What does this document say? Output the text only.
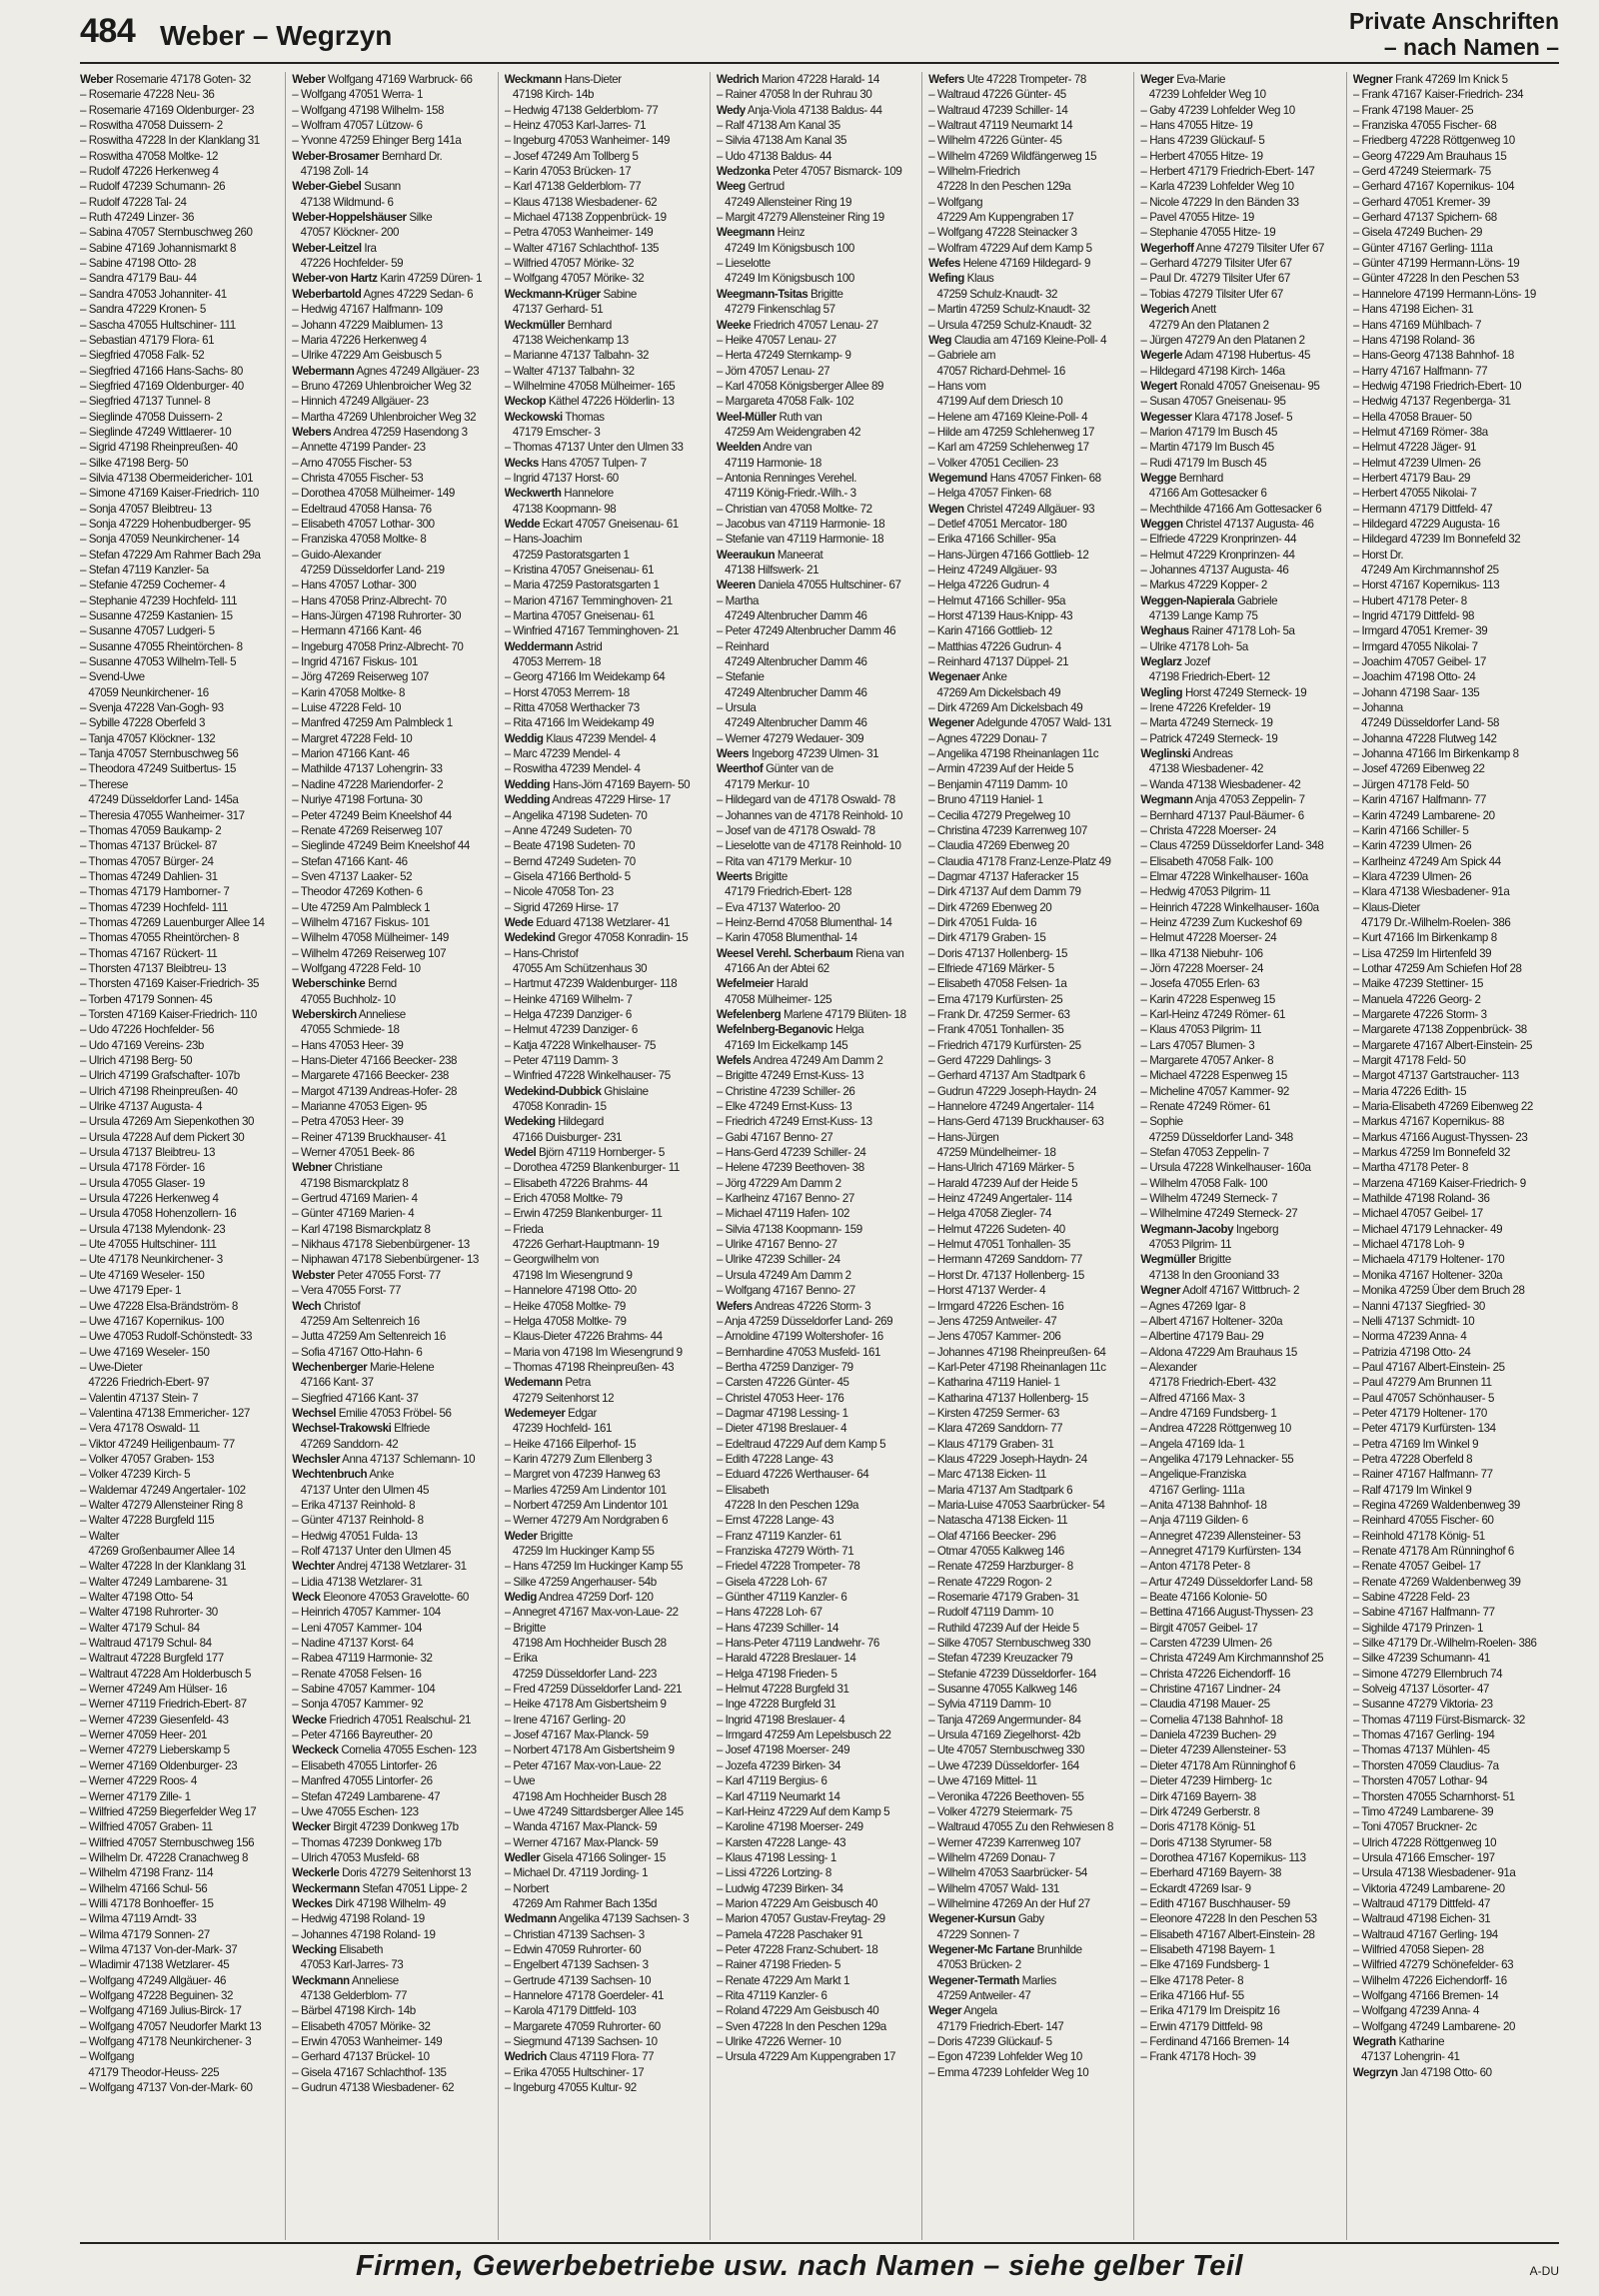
484 Weber – Wegrzyn	Private Anschriften
– nach Namen –
Weber Rosemarie 47178 Goten- 32
– Rosemarie 47228 Neu- 36
– Rosemarie 47169 Oldenburger- 23
– Roswitha 47058 Duissern- 2
– Roswitha 47228 In der Klanklang 31
– Roswitha 47058 Moltke- 12
– Rudolf 47226 Herkenweg 4
– Rudolf 47239 Schumann- 26
– Rudolf 47228 Tal- 24
– Ruth 47249 Linzer- 36
– Sabina 47057 Sternbuschweg 260
– Sabine 47169 Johannismarkt 8
– Sabine 47198 Otto- 28
– Sandra 47179 Bau- 44
– Sandra 47053 Johanniter- 41
– Sandra 47229 Kronen- 5
– Sascha 47055 Hultschiner- 111
– Sebastian 47179 Flora- 61
– Siegfried 47058 Falk- 52
– Siegfried 47166 Hans-Sachs- 80
– Siegfried 47169 Oldenburger- 40
– Siegfried 47137 Tunnel- 8
– Sieglinde 47058 Duissern- 2
– Sieglinde 47249 Wittlaerer- 10
– Sigrid 47198 Rheinpreußen- 40
– Silke 47198 Berg- 50
– Silvia 47138 Obermeidericher- 101
– Simone 47169 Kaiser-Friedrich- 110
– Sonja 47057 Bleibtreu- 13
– Sonja 47229 Hohenbudberger- 95
– Sonja 47059 Neunkirchener- 14
– Stefan 47229 Am Rahmer Bach 29a
– Stefan 47119 Kanzler- 5a
– Stefanie 47259 Cochemer- 4
– Stephanie 47239 Hochfeld- 111
– Susanne 47259 Kastanien- 15
– Susanne 47057 Ludgeri- 5
– Susanne 47055 Rheintörchen- 8
– Susanne 47053 Wilhelm-Tell- 5
– Svend-Uwe
47059 Neunkirchener- 16
– Svenja 47228 Van-Gogh- 93
– Sybille 47228 Oberfeld 3
– Tanja 47057 Klöckner- 132
– Tanja 47057 Sternbuschweg 56
– Theodora 47249 Suitbertus- 15
– Therese
47249 Düsseldorfer Land- 145a
– Theresia 47055 Wanheimer- 317
– Thomas 47059 Baukamp- 2
– Thomas 47137 Brückel- 87
– Thomas 47057 Bürger- 24
– Thomas 47249 Dahlien- 31
– Thomas 47179 Hamborner- 7
– Thomas 47239 Hochfeld- 111
– Thomas 47269 Lauenburger Allee 14
– Thomas 47055 Rheintörchen- 8
– Thomas 47167 Rückert- 11
– Thorsten 47137 Bleibtreu- 13
– Thorsten 47169 Kaiser-Friedrich- 35
– Torben 47179 Sonnen- 45
– Torsten 47169 Kaiser-Friedrich- 110
– Udo 47226 Hochfelder- 56
– Udo 47169 Vereins- 23b
– Ulrich 47198 Berg- 50
– Ulrich 47199 Grafschafter- 107b
– Ulrich 47198 Rheinpreußen- 40
– Ulrike 47137 Augusta- 4
– Ursula 47269 Am Siepenkothen 30
– Ursula 47228 Auf dem Pickert 30
– Ursula 47137 Bleibtreu- 13
– Ursula 47178 Förder- 16
– Ursula 47055 Glaser- 19
– Ursula 47226 Herkenweg 4
– Ursula 47058 Hohenzollern- 16
– Ursula 47138 Mylendonk- 23
– Ute 47055 Hultschiner- 111
– Ute 47178 Neunkirchener- 3
– Ute 47169 Weseler- 150
– Uwe 47179 Eper- 1
– Uwe 47228 Elsa-Brändström- 8
– Uwe 47167 Kopernikus- 100
– Uwe 47053 Rudolf-Schönstedt- 33
– Uwe 47169 Weseler- 150
– Uwe-Dieter
47226 Friedrich-Ebert- 97
– Valentin 47137 Stein- 7
– Valentina 47138 Emmericher- 127
– Vera 47178 Oswald- 11
– Viktor 47249 Heiligenbaum- 77
– Volker 47057 Graben- 153
– Volker 47239 Kirch- 5
– Waldemar 47249 Angertaler- 102
– Walter 47279 Allensteiner Ring 8
– Walter 47228 Burgfeld 115
– Walter
47269 Großenbaumer Allee 14
– Walter 47228 In der Klanklang 31
– Walter 47249 Lambarene- 31
– Walter 47198 Otto- 54
– Walter 47198 Ruhrorter- 30
– Walter 47179 Schul- 84
– Waltraud 47179 Schul- 84
– Waltraut 47228 Burgfeld 177
– Waltraut 47228 Am Holderbusch 5
– Werner 47249 Am Hülser- 16
– Werner 47119 Friedrich-Ebert- 87
– Werner 47239 Giesenfeld- 43
– Werner 47059 Heer- 201
– Werner 47279 Lieberskamp 5
– Werner 47169 Oldenburger- 23
– Werner 47229 Roos- 4
– Werner 47179 Zille- 1
– Wilfried 47259 Biegerfelder Weg 17
– Wilfried 47057 Graben- 11
– Wilfried 47057 Sternbuschweg 156
– Wilhelm Dr. 47228 Cranachweg 8
– Wilhelm 47198 Franz- 114
– Wilhelm 47166 Schul- 56
– Willi 47178 Bonhoeffer- 15
– Wilma 47119 Arndt- 33
– Wilma 47179 Sonnen- 27
– Wilma 47137 Von-der-Mark- 37
– Wladimir 47138 Wetzlarer- 45
– Wolfgang 47249 Allgäuer- 46
– Wolfgang 47228 Beguinen- 32
– Wolfgang 47169 Julius-Birck- 17
– Wolfgang 47057 Neudorfer Markt 13
– Wolfgang 47178 Neunkirchener- 3
– Wolfgang
47179 Theodor-Heuss- 225
– Wolfgang 47137 Von-der-Mark- 60
Weber Wolfgang 47169 Warbruck- 66
– Wolfgang 47051 Werra- 1
– Wolfgang 47198 Wilhelm- 158
– Wolfram 47057 Lützow- 6
– Yvonne 47259 Ehinger Berg 141a
Weber-Brosamer Bernhard Dr.
47198 Zoll- 14
Weber-Giebel Susann
47138 Wildmund- 6
Weber-Hoppelshäuser Silke
47057 Klöckner- 200
Weber-Leitzel Ira
47226 Hochfelder- 59
Weber-von Hartz Karin 47259 Düren- 1
Weberbartold Agnes 47229 Sedan- 6
– Hedwig 47167 Halfmann- 109
– Johann 47229 Maiblumen- 13
– Maria 47226 Herkenweg 4
– Ulrike 47229 Am Geisbusch 5
Webermann Agnes 47249 Allgäuer- 23
– Bruno 47269 Uhlenbroicher Weg 32
– Hinnich 47249 Allgäuer- 23
– Martha 47269 Uhlenbroicher Weg 32
Webers Andrea 47259 Hasendong 3
– Annette 47199 Pander- 23
– Arno 47055 Fischer- 53
– Christa 47055 Fischer- 53
– Dorothea 47058 Mülheimer- 149
– Edeltraud 47058 Hansa- 76
– Elisabeth 47057 Lothar- 300
– Franziska 47058 Moltke- 8
– Guido-Alexander
47259 Düsseldorfer Land- 219
– Hans 47057 Lothar- 300
– Hans 47058 Prinz-Albrecht- 70
– Hans-Jürgen 47198 Ruhrorter- 30
– Hermann 47166 Kant- 46
– Ingeburg 47058 Prinz-Albrecht- 70
– Ingrid 47167 Fiskus- 101
– Jörg 47269 Reiserweg 107
– Karin 47058 Moltke- 8
– Luise 47228 Feld- 10
– Manfred 47259 Am Palmbleck 1
– Margret 47228 Feld- 10
– Marion 47166 Kant- 46
– Mathilde 47137 Lohengrin- 33
– Nadine 47228 Mariendorfer- 2
– Nuriye 47198 Fortuna- 30
– Peter 47249 Beim Kneelshof 44
– Renate 47269 Reiserweg 107
– Sieglinde 47249 Beim Kneelshof 44
– Stefan 47166 Kant- 46
– Sven 47137 Laaker- 52
– Theodor 47269 Kothen- 6
– Ute 47259 Am Palmbleck 1
– Wilhelm 47167 Fiskus- 101
– Wilhelm 47058 Mülheimer- 149
– Wilhelm 47269 Reiserweg 107
– Wolfgang 47228 Feld- 10
Weberschinke Bernd
47055 Buchholz- 10
Weberskirch Anneliese
47055 Schmiede- 18
– Hans 47053 Heer- 39
– Hans-Dieter 47166 Beecker- 238
– Margarete 47166 Beecker- 238
– Margot 47139 Andreas-Hofer- 28
– Marianne 47053 Eigen- 95
– Petra 47053 Heer- 39
– Reiner 47139 Bruckhauser- 41
– Werner 47051 Beek- 86
Webner Christiane
47198 Bismarckplatz 8
– Gertrud 47169 Marien- 4
– Günter 47169 Marien- 4
– Karl 47198 Bismarckplatz 8
– Nikhaus 47178 Siebenbürgener- 13
– Niphawan 47178 Siebenbürgener- 13
Webster Peter 47055 Forst- 77
– Vera 47055 Forst- 77
Wech Christof
47259 Am Seltenreich 16
– Jutta 47259 Am Seltenreich 16
– Sofia 47167 Otto-Hahn- 6
Wechenberger Marie-Helene
47166 Kant- 37
– Siegfried 47166 Kant- 37
Wechsel Emilie 47053 Fröbel- 56
Wechsel-Trakowski Elfriede
47269 Sanddorn- 42
Wechsler Anna 47137 Schlemann- 10
Wechtenbruch Anke
47137 Unter den Ulmen 45
– Erika 47137 Reinhold- 8
– Günter 47137 Reinhold- 8
– Hedwig 47051 Fulda- 13
– Rolf 47137 Unter den Ulmen 45
Wechter Andrej 47138 Wetzlarer- 31
– Lidia 47138 Wetzlarer- 31
Weck Eleonore 47053 Gravelotte- 60
– Heinrich 47057 Kammer- 104
– Leni 47057 Kammer- 104
– Nadine 47137 Korst- 64
– Rabea 47119 Harmonie- 32
– Renate 47058 Felsen- 16
– Sabine 47057 Kammer- 104
– Sonja 47057 Kammer- 92
Wecke Friedrich 47051 Realschul- 21
– Peter 47166 Bayreuther- 20
Weckeck Cornelia 47055 Eschen- 123
– Elisabeth 47055 Lintorfer- 26
– Manfred 47055 Lintorfer- 26
– Stefan 47249 Lambarene- 47
– Uwe 47055 Eschen- 123
Wecker Birgit 47239 Donkweg 17b
– Thomas 47239 Donkweg 17b
– Ulrich 47053 Musfeld- 68
Weckerle Doris 47279 Seitenhorst 13
Weckermann Stefan 47051 Lippe- 2
Weckes Dirk 47198 Wilhelm- 49
– Hedwig 47198 Roland- 19
– Johannes 47198 Roland- 19
Wecking Elisabeth
47053 Karl-Jarres- 73
Weckmann Anneliese
47138 Gelderblom- 77
– Bärbel 47198 Kirch- 14b
– Elisabeth 47057 Mörike- 32
– Erwin 47053 Wanheimer- 149
– Gerhard 47137 Brückel- 10
– Gisela 47167 Schlachthof- 135
– Gudrun 47138 Wiesbadener- 62
Weckmann Hans-Dieter
47198 Kirch- 14b
– Hedwig 47138 Gelderblom- 77
– Heinz 47053 Karl-Jarres- 71
– Ingeburg 47053 Wanheimer- 149
– Josef 47249 Am Tollberg 5
– Karin 47053 Brücken- 17
– Karl 47138 Gelderblom- 77
– Klaus 47138 Wiesbadener- 62
– Michael 47138 Zoppenbrück- 19
– Petra 47053 Wanheimer- 149
– Walter 47167 Schlachthof- 135
– Wilfried 47057 Mörike- 32
– Wolfgang 47057 Mörike- 32
Weckmann-Krüger Sabine
47137 Gerhard- 51
Weckmüller Bernhard
47138 Weichenkamp 13
– Marianne 47137 Talbahn- 32
– Walter 47137 Talbahn- 32
– Wilhelmine 47058 Mülheimer- 165
Weckop Käthel 47226 Hölderlin- 13
Weckowski Thomas
47179 Emscher- 3
– Thomas 47137 Unter den Ulmen 33
Wecks Hans 47057 Tulpen- 7
– Ingrid 47137 Horst- 60
Weckwerth Hannelore
47138 Koopmann- 98
Wedde Eckart 47057 Gneisenau- 61
– Hans-Joachim
47259 Pastoratsgarten 1
– Kristina 47057 Gneisenau- 61
– Maria 47259 Pastoratsgarten 1
– Marion 47167 Temminghoven- 21
– Martina 47057 Gneisenau- 61
– Winfried 47167 Temminghoven- 21
Weddermann Astrid
47053 Merrem- 18
– Georg 47166 Im Weidekamp 64
– Horst 47053 Merrem- 18
– Ritta 47058 Werthacker 73
– Rita 47166 Im Weidekamp 49
Weddig Klaus 47239 Mendel- 4
– Marc 47239 Mendel- 4
– Roswitha 47239 Mendel- 4
Wedding Hans-Jörn 47169 Bayern- 50
Wedding Andreas 47229 Hirse- 17
– Angelika 47198 Sudeten- 70
– Anne 47249 Sudeten- 70
– Beate 47198 Sudeten- 70
– Bernd 47249 Sudeten- 70
– Gisela 47166 Berthold- 5
– Nicole 47058 Ton- 23
– Sigrid 47269 Hirse- 17
Wede Eduard 47138 Wetzlarer- 41
Wedekind Gregor 47058 Konradin- 15
– Hans-Christof
47055 Am Schützenhaus 30
– Hartmut 47239 Waldenburger- 118
– Heinke 47169 Wilhelm- 7
– Helga 47239 Danziger- 6
– Helmut 47239 Danziger- 6
– Katja 47228 Winkelhauser- 75
– Peter 47119 Damm- 3
– Winfried 47228 Winkelhauser- 75
Wedekind-Dubbick Ghislaine
47058 Konradin- 15
Wedeking Hildegard
47166 Duisburger- 231
Wedel Björn 47119 Hornberger- 5
– Dorothea 47259 Blankenburger- 11
– Elisabeth 47226 Brahms- 44
– Erich 47058 Moltke- 79
– Erwin 47259 Blankenburger- 11
– Frieda
47226 Gerhart-Hauptmann- 19
– Georgwilhelm von
47198 Im Wiesengrund 9
– Hannelore 47198 Otto- 20
– Heike 47058 Moltke- 79
– Helga 47058 Moltke- 79
– Klaus-Dieter 47226 Brahms- 44
– Maria von 47198 Im Wiesengrund 9
– Thomas 47198 Rheinpreußen- 43
Wedemann Petra
47279 Seitenhorst 12
Wedemeyer Edgar
47239 Hochfeld- 161
– Heike 47166 Eilperhof- 15
– Karin 47279 Zum Ellenberg 3
– Margret von 47239 Hanweg 63
– Marlies 47259 Am Lindentor 101
– Norbert 47259 Am Lindentor 101
– Werner 47279 Am Nordgraben 6
Weder Brigitte
47259 Im Huckinger Kamp 55
– Hans 47259 Im Huckinger Kamp 55
– Silke 47259 Angerhauser- 54b
Wedig Andrea 47259 Dorf- 120
– Annegret 47167 Max-von-Laue- 22
– Brigitte
47198 Am Hochheider Busch 28
– Erika
47259 Düsseldorfer Land- 223
– Fred 47259 Düsseldorfer Land- 221
– Heike 47178 Am Gisbertsheim 9
– Irene 47167 Gerling- 20
– Josef 47167 Max-Planck- 59
– Norbert 47178 Am Gisbertsheim 9
– Peter 47167 Max-von-Laue- 22
– Uwe
47198 Am Hochheider Busch 28
– Uwe 47249 Sittardsberger Allee 145
– Wanda 47167 Max-Planck- 59
– Werner 47167 Max-Planck- 59
Wedler Gisela 47166 Solinger- 15
– Michael Dr. 47119 Jording- 1
– Norbert
47269 Am Rahmer Bach 135d
Wedmann Angelika 47139 Sachsen- 3
– Christian 47139 Sachsen- 3
– Edwin 47059 Ruhrorter- 60
– Engelbert 47139 Sachsen- 3
– Gertrude 47139 Sachsen- 10
– Hannelore 47178 Goerdeler- 41
– Karola 47179 Dittfeld- 103
– Margarete 47059 Ruhrorter- 60
– Siegmund 47139 Sachsen- 10
Wedrich Claus 47119 Flora- 77
– Erika 47055 Hultschiner- 17
– Ingeburg 47055 Kultur- 92
Wedrich Marion 47228 Harald- 14
– Rainer 47058 In der Ruhrau 30
Wedy Anja-Viola 47138 Baldus- 44
– Ralf 47138 Am Kanal 35
– Silvia 47138 Am Kanal 35
– Udo 47138 Baldus- 44
Wedzonka Peter 47057 Bismarck- 109
Weeg Gertrud
47249 Allensteiner Ring 19
– Margit 47279 Allensteiner Ring 19
Weegmann Heinz
47249 Im Königsbusch 100
– Lieselotte
47249 Im Königsbusch 100
Weegmann-Tsitas Brigitte
47279 Finkenschlag 57
Weeke Friedrich 47057 Lenau- 27
– Heike 47057 Lenau- 27
– Herta 47249 Sternkamp- 9
– Jörn 47057 Lenau- 27
– Karl 47058 Königsberger Allee 89
– Margareta 47058 Falk- 102
Weel-Müller Ruth van
47259 Am Weidengraben 42
Weelden Andre van
47119 Harmonie- 18
– Antonia Renninges Verehel.
47119 König-Friedr.-Wilh.- 3
– Christian van 47058 Moltke- 72
– Jacobus van 47119 Harmonie- 18
– Stefanie van 47119 Harmonie- 18
Weeraukun Maneerat
47138 Hilfswerk- 21
Weeren Daniela 47055 Hultschiner- 67
– Martha
47249 Altenbrucher Damm 46
– Peter 47249 Altenbrucher Damm 46
– Reinhard
47249 Altenbrucher Damm 46
– Stefanie
47249 Altenbrucher Damm 46
– Ursula
47249 Altenbrucher Damm 46
– Werner 47279 Wedauer- 309
Weers Ingeborg 47239 Ulmen- 31
Weerthof Günter van de
47179 Merkur- 10
– Hildegard van de 47178 Oswald- 78
– Johannes van de 47178 Reinhold- 10
– Josef van de 47178 Oswald- 78
– Lieselotte van de 47178 Reinhold- 10
– Rita van 47179 Merkur- 10
Weerts Brigitte
47179 Friedrich-Ebert- 128
– Eva 47137 Waterloo- 20
– Heinz-Bernd 47058 Blumenthal- 14
– Karin 47058 Blumenthal- 14
Weesel Verehl. Scherbaum Riena van
47166 An der Abtei 62
Wefelmeier Harald
47058 Mülheimer- 125
Wefelenberg Marlene 47179 Blüten- 18
Wefelnberg-Beganovic Helga
47169 Im Eickelkamp 145
Wefels Andrea 47249 Am Damm 2
– Brigitte 47249 Ernst-Kuss- 13
– Christine 47239 Schiller- 26
– Elke 47249 Ernst-Kuss- 13
– Friedrich 47249 Ernst-Kuss- 13
– Gabi 47167 Benno- 27
– Hans-Gerd 47239 Schiller- 24
– Helene 47239 Beethoven- 38
– Jörg 47229 Am Damm 2
– Karlheinz 47167 Benno- 27
– Michael 47119 Hafen- 102
– Silvia 47138 Koopmann- 159
– Ulrike 47167 Benno- 27
– Ulrike 47239 Schiller- 24
– Ursula 47249 Am Damm 2
– Wolfgang 47167 Benno- 27
Wefers Andreas 47226 Storm- 3
– Anja 47259 Düsseldorfer Land- 269
– Arnoldine 47199 Woltershofer- 16
– Bernhardine 47053 Musfeld- 161
– Bertha 47259 Danziger- 79
– Carsten 47226 Günter- 45
– Christel 47053 Heer- 176
– Dagmar 47198 Lessing- 1
– Dieter 47198 Breslauer- 4
– Edeltraud 47229 Auf dem Kamp 5
– Edith 47228 Lange- 43
– Eduard 47226 Werthauser- 64
– Elisabeth
47228 In den Peschen 129a
– Ernst 47228 Lange- 43
– Franz 47119 Kanzler- 61
– Franziska 47279 Wörth- 71
– Friedel 47228 Trompeter- 78
– Gisela 47228 Loh- 67
– Günther 47119 Kanzler- 6
– Hans 47228 Loh- 67
– Hans 47239 Schiller- 14
– Hans-Peter 47119 Landwehr- 76
– Harald 47228 Breslauer- 14
– Helga 47198 Frieden- 5
– Helmut 47228 Burgfeld 31
– Inge 47228 Burgfeld 31
– Ingrid 47198 Breslauer- 4
– Irmgard 47259 Am Lepelsbusch 22
– Josef 47198 Moerser- 249
– Jozefa 47239 Birken- 34
– Karl 47119 Bergius- 6
– Karl 47119 Neumarkt 14
– Karl-Heinz 47229 Auf dem Kamp 5
– Karoline 47198 Moerser- 249
– Karsten 47228 Lange- 43
– Klaus 47198 Lessing- 1
– Lissi 47226 Lortzing- 8
– Ludwig 47239 Birken- 34
– Marion 47229 Am Geisbusch 40
– Marion 47057 Gustav-Freytag- 29
– Pamela 47228 Paschaker 91
– Peter 47228 Franz-Schubert- 18
– Rainer 47198 Frieden- 5
– Renate 47229 Am Markt 1
– Rita 47119 Kanzler- 6
– Roland 47229 Am Geisbusch 40
– Sven 47228 In den Peschen 129a
– Ulrike 47226 Werner- 10
– Ursula 47229 Am Kuppengraben 17
Wefers Ute 47228 Trompeter- 78
– Waltraud 47226 Günter- 45
– Waltraud 47239 Schiller- 14
– Waltraut 47119 Neumarkt 14
– Wilhelm 47226 Günter- 45
– Wilhelm 47269 Wildfängerweg 15
– Wilhelm-Friedrich
47228 In den Peschen 129a
– Wolfgang
47229 Am Kuppengraben 17
– Wolfgang 47228 Steinacker 3
– Wolfram 47229 Auf dem Kamp 5
Wefes Helene 47169 Hildegard- 9
Wefing Klaus
47259 Schulz-Knaudt- 32
– Martin 47259 Schulz-Knaudt- 32
– Ursula 47259 Schulz-Knaudt- 32
Weg Claudia am 47169 Kleine-Poll- 4
– Gabriele am
47057 Richard-Dehmel- 16
– Hans vom
47199 Auf dem Driesch 10
– Helene am 47169 Kleine-Poll- 4
– Hilde am 47259 Schlehenweg 17
– Karl am 47259 Schlehenweg 17
– Volker 47051 Cecilien- 23
Wegemund Hans 47057 Finken- 68
– Helga 47057 Finken- 68
Wegen Christel 47249 Allgäuer- 93
– Detlef 47051 Mercator- 180
– Erika 47166 Schiller- 95a
– Hans-Jürgen 47166 Gottlieb- 12
– Heinz 47249 Allgäuer- 93
– Helga 47226 Gudrun- 4
– Helmut 47166 Schiller- 95a
– Horst 47139 Haus-Knipp- 43
– Karin 47166 Gottlieb- 12
– Matthias 47226 Gudrun- 4
– Reinhard 47137 Düppel- 21
Wegenaer Anke
47269 Am Dickelsbach 49
– Dirk 47269 Am Dickelsbach 49
Wegener Adelgunde 47057 Wald- 131
– Agnes 47229 Donau- 7
– Angelika 47198 Rheinanlagen 11c
– Armin 47239 Auf der Heide 5
– Benjamin 47119 Damm- 10
– Bruno 47119 Haniel- 1
– Cecilia 47279 Pregelweg 10
– Christina 47239 Karrenweg 107
– Claudia 47269 Ebenweg 20
– Claudia 47178 Franz-Lenze-Platz 49
– Dagmar 47137 Haferacker 15
– Dirk 47137 Auf dem Damm 79
– Dirk 47269 Ebenweg 20
– Dirk 47051 Fulda- 16
– Dirk 47179 Graben- 15
– Doris 47137 Hollenberg- 15
– Elfriede 47169 Märker- 5
– Elisabeth 47058 Felsen- 1a
– Erna 47179 Kurfürsten- 25
– Frank Dr. 47259 Sermer- 63
– Frank 47051 Tonhallen- 35
– Friedrich 47179 Kurfürsten- 25
– Gerd 47229 Dahlings- 3
– Gerhard 47137 Am Stadtpark 6
– Gudrun 47229 Joseph-Haydn- 24
– Hannelore 47249 Angertaler- 114
– Hans-Gerd 47139 Bruckhauser- 63
– Hans-Jürgen
47259 Mündelheimer- 18
– Hans-Ulrich 47169 Märker- 5
– Harald 47239 Auf der Heide 5
– Heinz 47249 Angertaler- 114
– Helga 47058 Ziegler- 74
– Helmut 47226 Sudeten- 40
– Helmut 47051 Tonhallen- 35
– Hermann 47269 Sanddorn- 77
– Horst Dr. 47137 Hollenberg- 15
– Horst 47137 Werder- 4
– Irmgard 47226 Eschen- 16
– Jens 47259 Antweiler- 47
– Jens 47057 Kammer- 206
– Johannes 47198 Rheinpreußen- 64
– Karl-Peter 47198 Rheinanlagen 11c
– Katharina 47119 Haniel- 1
– Katharina 47137 Hollenberg- 15
– Kirsten 47259 Sermer- 63
– Klara 47269 Sanddorn- 77
– Klaus 47179 Graben- 31
– Klaus 47229 Joseph-Haydn- 24
– Marc 47138 Eicken- 11
– Maria 47137 Am Stadtpark 6
– Maria-Luise 47053 Saarbrücker- 54
– Natascha 47138 Eicken- 11
– Olaf 47166 Beecker- 296
– Otmar 47055 Kalkweg 146
– Renate 47259 Harzburger- 8
– Renate 47229 Rogon- 2
– Rosemarie 47179 Graben- 31
– Rudolf 47119 Damm- 10
– Ruthild 47239 Auf der Heide 5
– Silke 47057 Sternbuschweg 330
– Stefan 47239 Kreuzacker 79
– Stefanie 47239 Düsseldorfer- 164
– Susanne 47055 Kalkweg 146
– Sylvia 47119 Damm- 10
– Tanja 47269 Angermunder- 84
– Ursula 47169 Ziegelhorst- 42b
– Ute 47057 Sternbuschweg 330
– Uwe 47239 Düsseldorfer- 164
– Uwe 47169 Mittel- 11
– Veronika 47226 Beethoven- 55
– Volker 47279 Steiermark- 75
– Waltraud 47055 Zu den Rehwiesen 8
– Werner 47239 Karrenweg 107
– Wilhelm 47269 Donau- 7
– Wilhelm 47053 Saarbrücker- 54
– Wilhelm 47057 Wald- 131
– Wilhelmine 47269 An der Huf 27
Wegener-Kursun Gaby
47229 Sonnen- 7
Wegener-Mc Fartane Brunhilde
47053 Brücken- 2
Wegener-Termath Marlies
47259 Antweiler- 47
Weger Angela
47179 Friedrich-Ebert- 147
– Doris 47239 Glückauf- 5
– Egon 47239 Lohfelder Weg 10
– Emma 47239 Lohfelder Weg 10
Weger Eva-Marie
47239 Lohfelder Weg 10
– Gaby 47239 Lohfelder Weg 10
– Hans 47055 Hitze- 19
– Hans 47239 Glückauf- 5
– Herbert 47055 Hitze- 19
– Herbert 47179 Friedrich-Ebert- 147
– Karla 47239 Lohfelder Weg 10
– Nicole 47229 In den Bänden 33
– Pavel 47055 Hitze- 19
– Stephanie 47055 Hitze- 19
Wegerhoff Anne 47279 Tilsiter Ufer 67
– Gerhard 47279 Tilsiter Ufer 67
– Paul Dr. 47279 Tilsiter Ufer 67
– Tobias 47279 Tilsiter Ufer 67
Wegerich Anett
47279 An den Platanen 2
– Jürgen 47279 An den Platanen 2
Wegerle Adam 47198 Hubertus- 45
– Hildegard 47198 Kirch- 146a
Wegert Ronald 47057 Gneisenau- 95
– Susan 47057 Gneisenau- 95
Wegesser Klara 47178 Josef- 5
– Marion 47179 Im Busch 45
– Martin 47179 Im Busch 45
– Rudi 47179 Im Busch 45
Wegge Bernhard
47166 Am Gottesacker 6
– Mechthilde 47166 Am Gottesacker 6
Weggen Christel 47137 Augusta- 46
– Elfriede 47229 Kronprinzen- 44
– Helmut 47229 Kronprinzen- 44
– Johannes 47137 Augusta- 46
– Markus 47229 Kopper- 2
Weggen-Napierala Gabriele
47139 Lange Kamp 75
Weghaus Rainer 47178 Loh- 5a
– Ulrike 47178 Loh- 5a
Weglarz Jozef
47198 Friedrich-Ebert- 12
Wegling Horst 47249 Sterneck- 19
– Irene 47226 Krefelder- 19
– Marta 47249 Sterneck- 19
– Patrick 47249 Sterneck- 19
Weglinski Andreas
47138 Wiesbadener- 42
– Wanda 47138 Wiesbadener- 42
Wegmann Anja 47053 Zeppelin- 7
– Bernhard 47137 Paul-Bäumer- 6
– Christa 47228 Moerser- 24
– Claus 47259 Düsseldorfer Land- 348
– Elisabeth 47058 Falk- 100
– Elmar 47228 Winkelhauser- 160a
– Hedwig 47053 Pilgrim- 11
– Heinrich 47228 Winkelhauser- 160a
– Heinz 47239 Zum Kuckeshof 69
– Helmut 47228 Moerser- 24
– Ilka 47138 Niebuhr- 106
– Jörn 47228 Moerser- 24
– Josefa 47055 Erlen- 63
– Karin 47228 Espenweg 15
– Karl-Heinz 47249 Römer- 61
– Klaus 47053 Pilgrim- 11
– Lars 47057 Blumen- 3
– Margarete 47057 Anker- 8
– Michael 47228 Espenweg 15
– Micheline 47057 Kammer- 92
– Renate 47249 Römer- 61
– Sophie
47259 Düsseldorfer Land- 348
– Stefan 47053 Zeppelin- 7
– Ursula 47228 Winkelhauser- 160a
– Wilhelm 47058 Falk- 100
– Wilhelm 47249 Sterneck- 7
– Wilhelmine 47249 Sterneck- 27
Wegmann-Jacoby Ingeborg
47053 Pilgrim- 11
Wegmüller Brigitte
47138 In den Grooniand 33
Wegner Adolf 47167 Wittbruch- 2
– Agnes 47269 Igar- 8
– Albert 47167 Holtener- 320a
– Albertine 47179 Bau- 29
– Aldona 47229 Am Brauhaus 15
– Alexander
47178 Friedrich-Ebert- 432
– Alfred 47166 Max- 3
– Andre 47169 Fundsberg- 1
– Andrea 47228 Röttgenweg 10
– Angela 47169 Ida- 1
– Angelika 47179 Lehnacker- 55
– Angelique-Franziska
47167 Gerling- 111a
– Anita 47138 Bahnhof- 18
– Anja 47119 Gilden- 6
– Annegret 47239 Allensteiner- 53
– Annegret 47179 Kurfürsten- 134
– Anton 47178 Peter- 8
– Artur 47249 Düsseldorfer Land- 58
– Beate 47166 Kolonie- 50
– Bettina 47166 August-Thyssen- 23
– Birgit 47057 Geibel- 17
– Carsten 47239 Ulmen- 26
– Christa 47249 Am Kirchmannshof 25
– Christa 47226 Eichendorff- 16
– Christine 47167 Lindner- 24
– Claudia 47198 Mauer- 25
– Cornelia 47138 Bahnhof- 18
– Daniela 47239 Buchen- 29
– Dieter 47239 Allensteiner- 53
– Dieter 47178 Am Rünninghof 6
– Dieter 47239 Hirnberg- 1c
– Dirk 47169 Bayern- 38
– Dirk 47249 Gerberstr. 8
– Doris 47178 König- 51
– Doris 47138 Styrumer- 58
– Dorothea 47167 Kopernikus- 113
– Eberhard 47169 Bayern- 38
– Eckardt 47269 Isar- 9
– Edith 47167 Buschhauser- 59
– Eleonore 47228 In den Peschen 53
– Elisabeth 47167 Albert-Einstein- 28
– Elisabeth 47198 Bayern- 1
– Elke 47169 Fundsberg- 1
– Elke 47178 Peter- 8
– Erika 47166 Huf- 55
– Erika 47179 Im Dreispitz 16
– Erwin 47179 Dittfeld- 98
– Ferdinand 47166 Bremen- 14
– Frank 47178 Hoch- 39
Wegner Frank 47269 Im Knick 5
– Frank 47167 Kaiser-Friedrich- 234
– Frank 47198 Mauer- 25
– Franziska 47055 Fischer- 68
– Friedberg 47228 Röttgenweg 10
– Georg 47229 Am Brauhaus 15
– Gerd 47249 Steiermark- 75
– Gerhard 47167 Kopernikus- 104
– Gerhard 47051 Kremer- 39
– Gerhard 47137 Spichern- 68
– Gisela 47249 Buchen- 29
– Günter 47167 Gerling- 111a
– Günter 47199 Hermann-Löns- 19
– Günter 47228 In den Peschen 53
– Hannelore 47199 Hermann-Löns- 19
– Hans 47198 Eichen- 31
– Hans 47169 Mühlbach- 7
– Hans 47198 Roland- 36
– Hans-Georg 47138 Bahnhof- 18
– Harry 47167 Halfmann- 77
– Hedwig 47198 Friedrich-Ebert- 10
– Hedwig 47137 Regenberga- 31
– Hella 47058 Brauer- 50
– Helmut 47169 Römer- 38a
– Helmut 47228 Jäger- 91
– Helmut 47239 Ulmen- 26
– Herbert 47179 Bau- 29
– Herbert 47055 Nikolai- 7
– Hermann 47179 Dittfeld- 47
– Hildegard 47229 Augusta- 16
– Hildegard 47239 Im Bonnefeld 32
– Horst Dr.
47249 Am Kirchmannshof 25
– Horst 47167 Kopernikus- 113
– Hubert 47178 Peter- 8
– Ingrid 47179 Dittfeld- 98
– Irmgard 47051 Kremer- 39
– Irmgard 47055 Nikolai- 7
– Joachim 47057 Geibel- 17
– Joachim 47198 Otto- 24
– Johann 47198 Saar- 135
– Johanna
47249 Düsseldorfer Land- 58
– Johanna 47228 Flutweg 142
– Johanna 47166 Im Birkenkamp 8
– Josef 47269 Eibenweg 22
– Jürgen 47178 Feld- 50
– Karin 47167 Halfmann- 77
– Karin 47249 Lambarene- 20
– Karin 47166 Schiller- 5
– Karin 47239 Ulmen- 26
– Karlheinz 47249 Am Spick 44
– Klara 47239 Ulmen- 26
– Klara 47138 Wiesbadener- 91a
– Klaus-Dieter
47179 Dr.-Wilhelm-Roelen- 386
– Kurt 47166 Im Birkenkamp 8
– Lisa 47259 Im Hirtenfeld 39
– Lothar 47259 Am Schiefen Hof 28
– Maike 47239 Stettiner- 15
– Manuela 47226 Georg- 2
– Margarete 47226 Storm- 3
– Margarete 47138 Zoppenbrück- 38
– Margarete 47167 Albert-Einstein- 25
– Margit 47178 Feld- 50
– Margot 47137 Gartstraucher- 113
– Maria 47226 Edith- 15
– Maria-Elisabeth 47269 Eibenweg 22
– Markus 47167 Kopernikus- 88
– Markus 47166 August-Thyssen- 23
– Markus 47259 Im Bonnefeld 32
– Martha 47178 Peter- 8
– Marzena 47169 Kaiser-Friedrich- 9
– Mathilde 47198 Roland- 36
– Michael 47057 Geibel- 17
– Michael 47179 Lehnacker- 49
– Michael 47178 Loh- 9
– Michaela 47179 Holtener- 170
– Monika 47167 Holtener- 320a
– Monika 47259 Über dem Bruch 28
– Nanni 47137 Siegfried- 30
– Nelli 47137 Schmidt- 10
– Norma 47239 Anna- 4
– Patrizia 47198 Otto- 24
– Paul 47167 Albert-Einstein- 25
– Paul 47279 Am Brunnen 11
– Paul 47057 Schönhauser- 5
– Peter 47179 Holtener- 170
– Peter 47179 Kurfürsten- 134
– Petra 47169 Im Winkel 9
– Petra 47228 Oberfeld 8
– Rainer 47167 Halfmann- 77
– Ralf 47179 Im Winkel 9
– Regina 47269 Waldenbenweg 39
– Reinhard 47055 Fischer- 60
– Reinhold 47178 König- 51
– Renate 47178 Am Rünninghof 6
– Renate 47057 Geibel- 17
– Renate 47269 Waldenbenweg 39
– Sabine 47228 Feld- 23
– Sabine 47167 Halfmann- 77
– Sighilde 47179 Prinzen- 1
– Silke 47179 Dr.-Wilhelm-Roelen- 386
– Silke 47239 Schumann- 41
– Simone 47279 Ellernbruch 74
– Solveig 47137 Lösorter- 47
– Susanne 47279 Viktoria- 23
– Thomas 47119 Fürst-Bismarck- 32
– Thomas 47167 Gerling- 194
– Thomas 47137 Mühlen- 45
– Thorsten 47059 Claudius- 7a
– Thorsten 47057 Lothar- 94
– Thorsten 47055 Scharnhorst- 51
– Timo 47249 Lambarene- 39
– Toni 47057 Bruckner- 2c
– Ulrich 47228 Röttgenweg 10
– Ursula 47166 Emscher- 197
– Ursula 47138 Wiesbadener- 91a
– Viktoria 47249 Lambarene- 20
– Waltraud 47179 Dittfeld- 47
– Waltraud 47198 Eichen- 31
– Waltraud 47167 Gerling- 194
– Wilfried 47058 Siepen- 28
– Wilfried 47279 Schönefelder- 63
– Wilhelm 47226 Eichendorff- 16
– Wolfgang 47166 Bremen- 14
– Wolfgang 47239 Anna- 4
– Wolfgang 47249 Lambarene- 20
Wegrath Katharine
47137 Lohengrin- 41
Wegrzyn Jan 47198 Otto- 60
Firmen, Gewerbebetriebe usw. nach Namen – siehe gelber Teil	A-DU
